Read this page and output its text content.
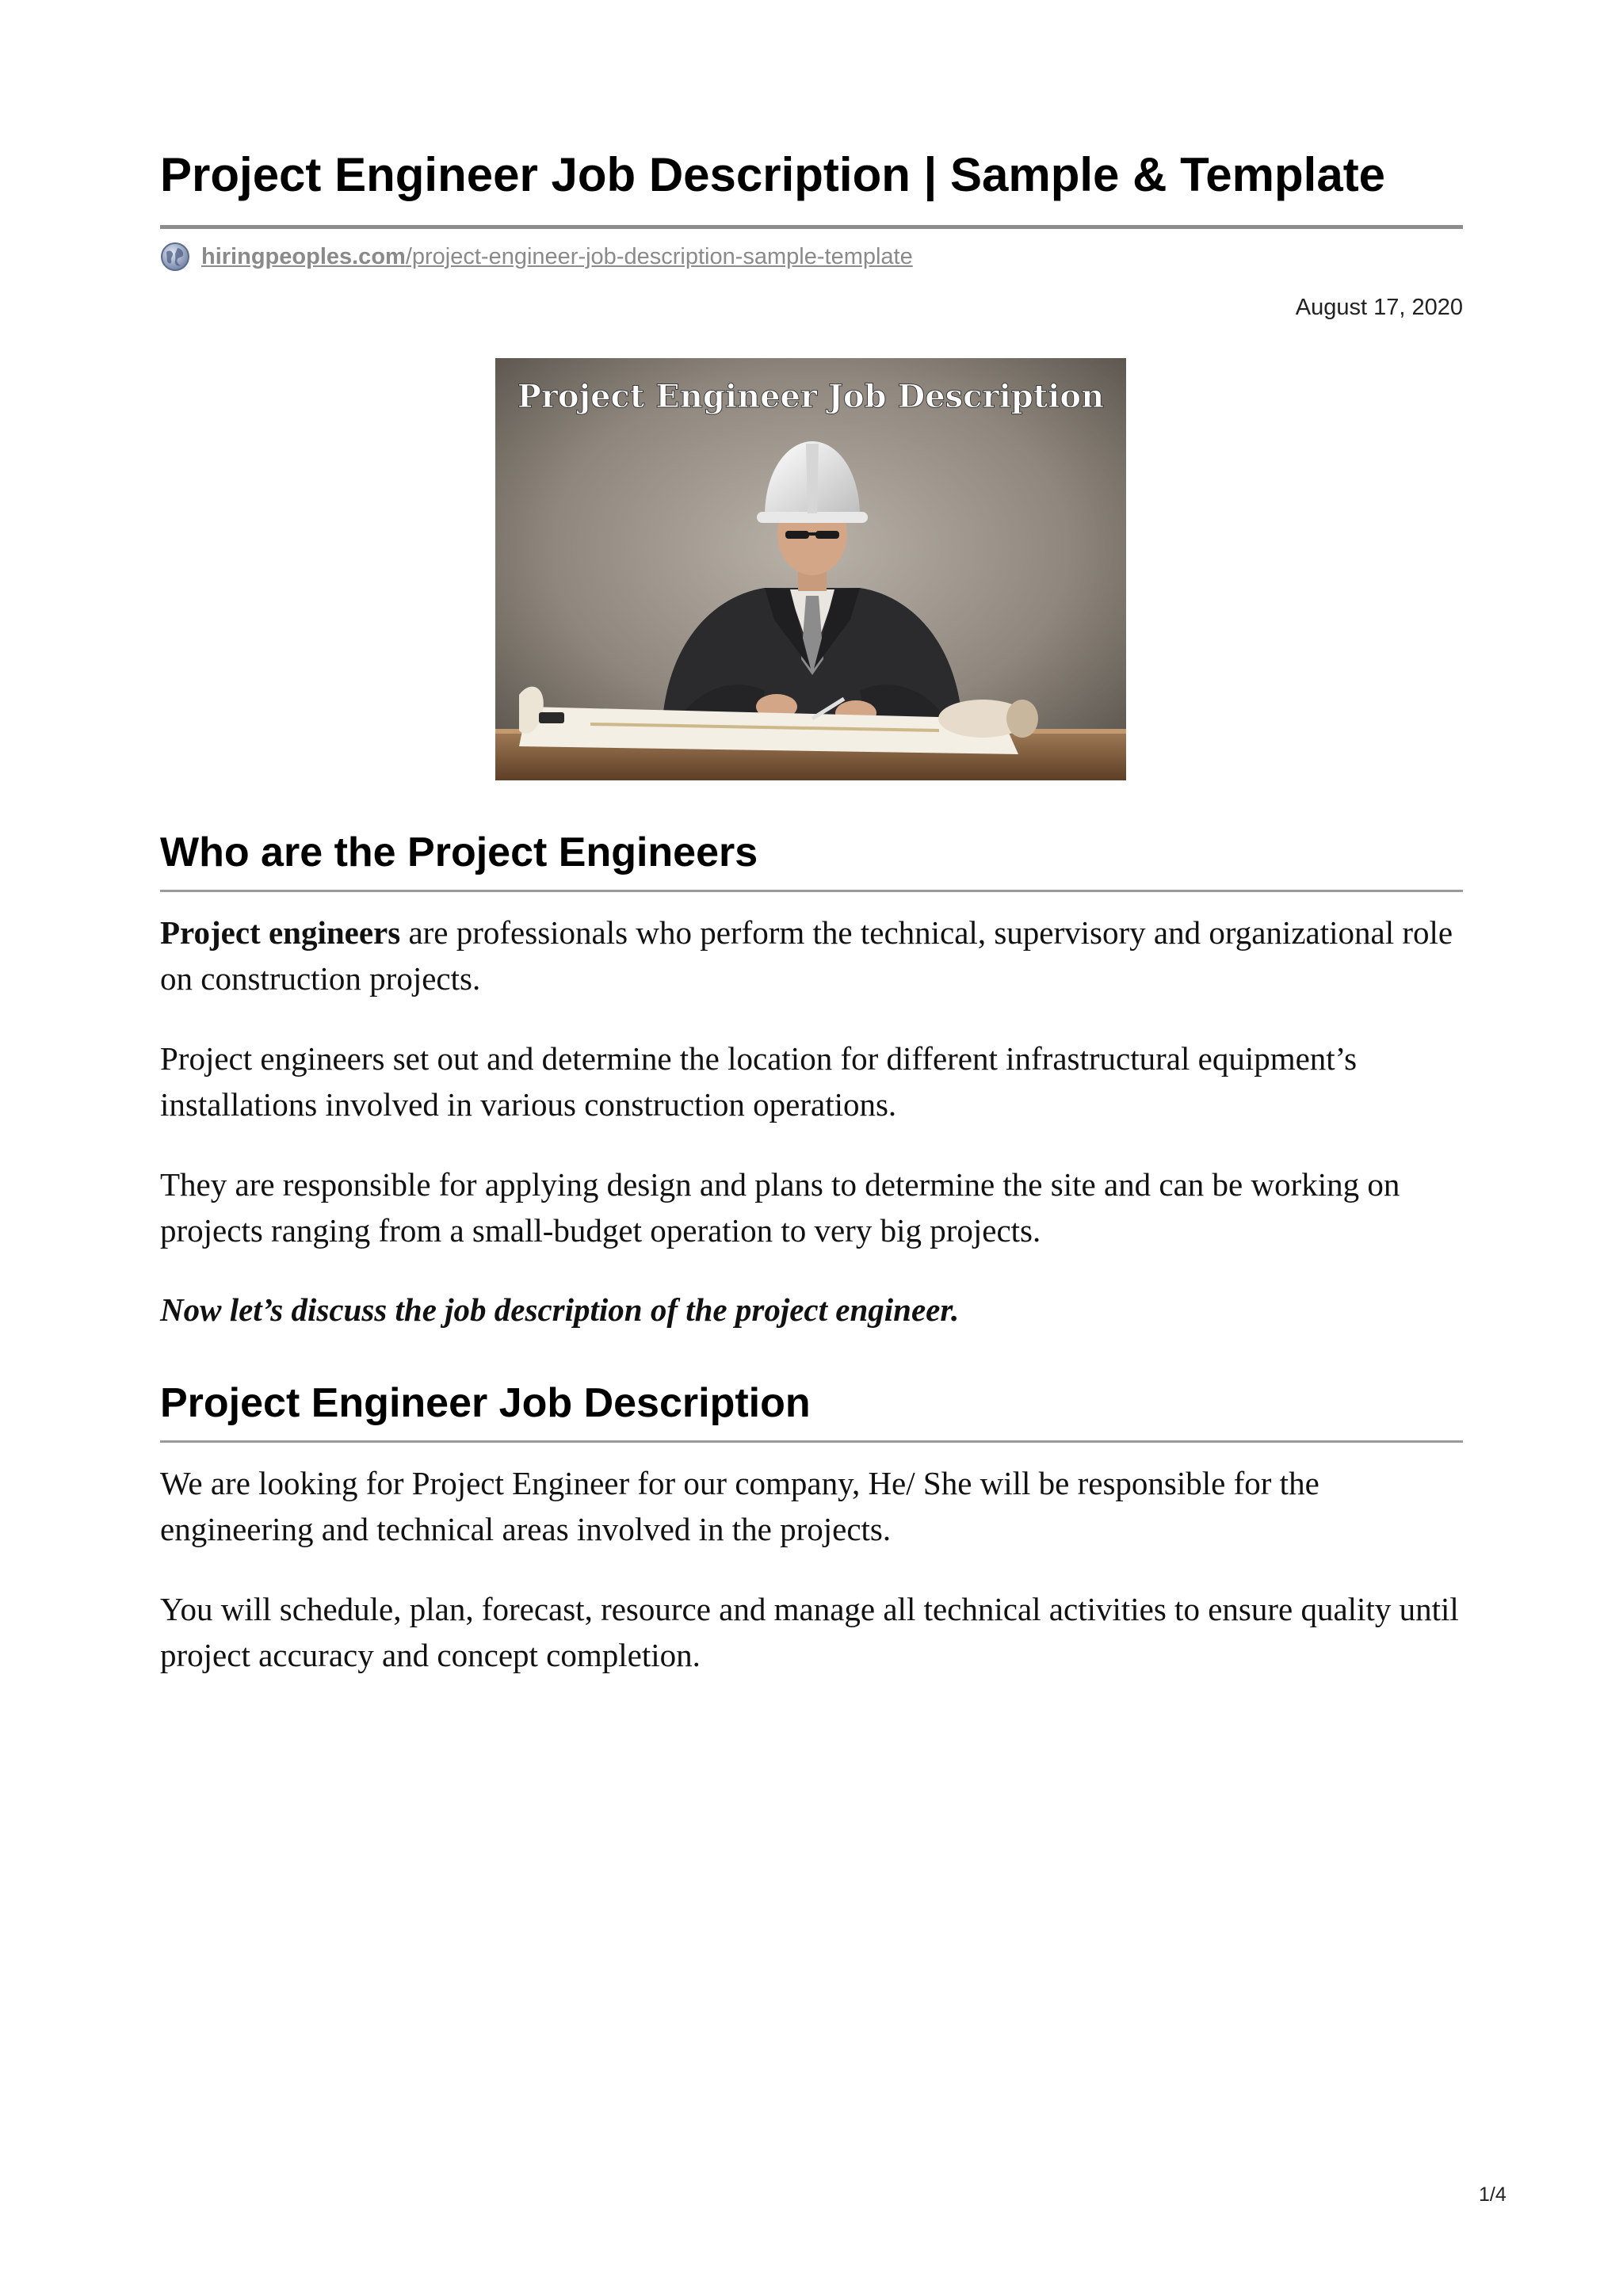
Project Engineer Job Description | Sample & Template
hiringpeoples.com/project-engineer-job-description-sample-template
August 17, 2020
Project Engineer Job Description
Who are the Project Engineers

Project engineers are professionals who perform the technical, supervisory and organizational role on construction projects.

Project engineers set out and determine the location for different infrastructural equipment’s installations involved in various construction operations.

They are responsible for applying design and plans to determine the site and can be working on projects ranging from a small-budget operation to very big projects.

Now let’s discuss the job description of the project engineer.

Project Engineer Job Description

We are looking for Project Engineer for our company, He/ She will be responsible for the engineering and technical areas involved in the projects.

You will schedule, plan, forecast, resource and manage all technical activities to ensure quality until project accuracy and concept completion.

1/4
